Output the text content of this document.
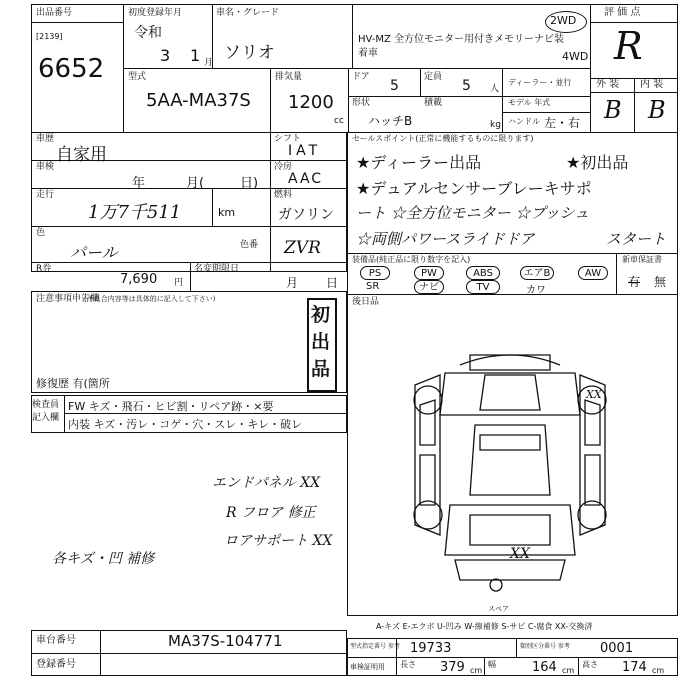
出品番号
[2139]
6652
初度登録年月
令和
3 1 月
車名・グレード
ソリオ
HV-MZ 全方位モニター用付きメモリーナビ装
着車
2WD
4WD
評 価 点
R
外 装 内 装
B B
型式
5AA-MA37S
排気量
1200
cc
ドア
5
定員
5 人
ディーラー・並行
形状
ハッチB
積載
kg
モデル 年式
ハンドル 左・右
車歴
自家用
車検
年	月(	日)
走行
1万7千511	km
色
パール	色番
シフト
IAT
冷房
AAC
燃料
ガソリン
ZVR
R券
7,690 円
名変期限日
月 日
セールスポイント(正常に機能するものに限ります)
★ディーラー出品	★初出品
★デュアルセンサーブレーキサポ
ート ☆全方位モニター ☆プッシュ
☆両側パワースライドドア	スタート
装備品(純正品に限り数字を記入)	新車保証書
有 無
PS	PW	ABS	エアB	AW
SR	ナビ	TV	カワ
注意事項申告欄
(不具合内容等は具体的に記入して下さい)
初出品
修復歴 有(箇所
検査員
記入欄
FW キズ・飛石・ヒビ割・リペア跡・×要
内装 キズ・汚レ・コゲ・穴・スレ・キレ・破レ
後日品
XX
XX
スペア
エンドパネル XX
R フロア 修正
ロアサポート XX
各キズ・凹 補修
A-キズ E-エクボ U-凹み W-線補修 S-サビ C-腐食 XX-交換済
車台番号	MA37S-104771
登録番号
型式指定番号 参考 19733	類別区分番号 参考 0001
車検証明用 長さ 379 cm
幅	164 cm
高さ 174 cm
